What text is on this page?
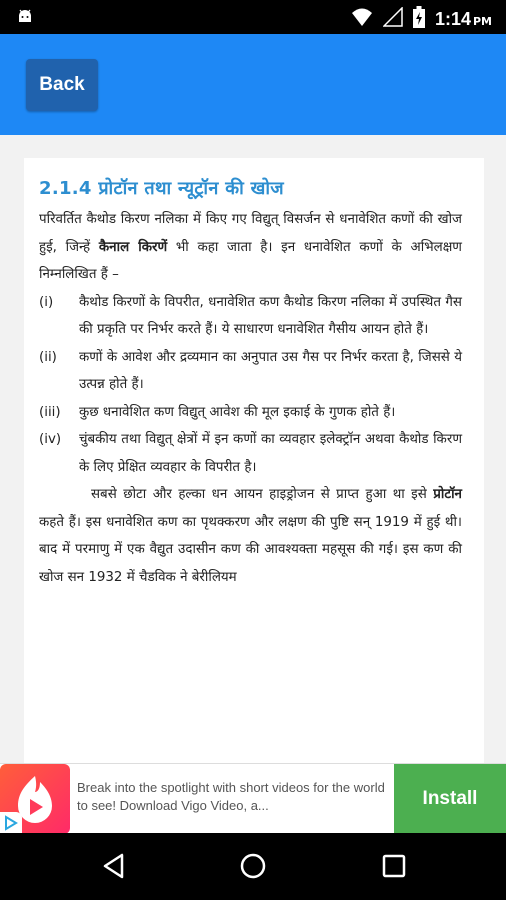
1:14 PM
Back
2.1.4 प्रोटॉन तथा न्यूट्रॉन की खोज

परिवर्तित कैथोड किरण नलिका में किए गए विद्युत् विसर्जन से धनावेशित कणों की खोज हुई, जिन्हें कैनाल किरणें भी कहा जाता है। इन धनावेशित कणों के अभिलक्षण निम्नलिखित हैं –

(i)	कैथोड किरणों के विपरीत, धनावेशित कण कैथोड किरण नलिका में उपस्थित गैस की प्रकृति पर निर्भर करते हैं। ये साधारण धनावेशित गैसीय आयन होते हैं।
(ii)	कणों के आवेश और द्रव्यमान का अनुपात उस गैस पर निर्भर करता है, जिससे ये उत्पन्न होते हैं।
(iii)	कुछ धनावेशित कण विद्युत् आवेश की मूल इकाई के गुणक होते हैं।
(iv)	चुंबकीय तथा विद्युत् क्षेत्रों में इन कणों का व्यवहार इलेक्ट्रॉन अथवा कैथोड किरण के लिए प्रेक्षित व्यवहार के विपरीत है।

सबसे छोटा और हल्का धन आयन हाइड्रोजन से प्राप्त हुआ था इसे प्रोटॉन कहते हैं। इस धनावेशित कण का पृथक्करण और लक्षण की पुष्टि सन् 1919 में हुई थी। बाद में परमाणु में एक वैद्युत उदासीन कण की आवश्यक्ता महसूस की गई। इस कण की खोज सन 1932 में चैडविक ने बेरीलियम

Break into the spotlight with short videos for the world to see! Download Vigo Video, a...	Install
